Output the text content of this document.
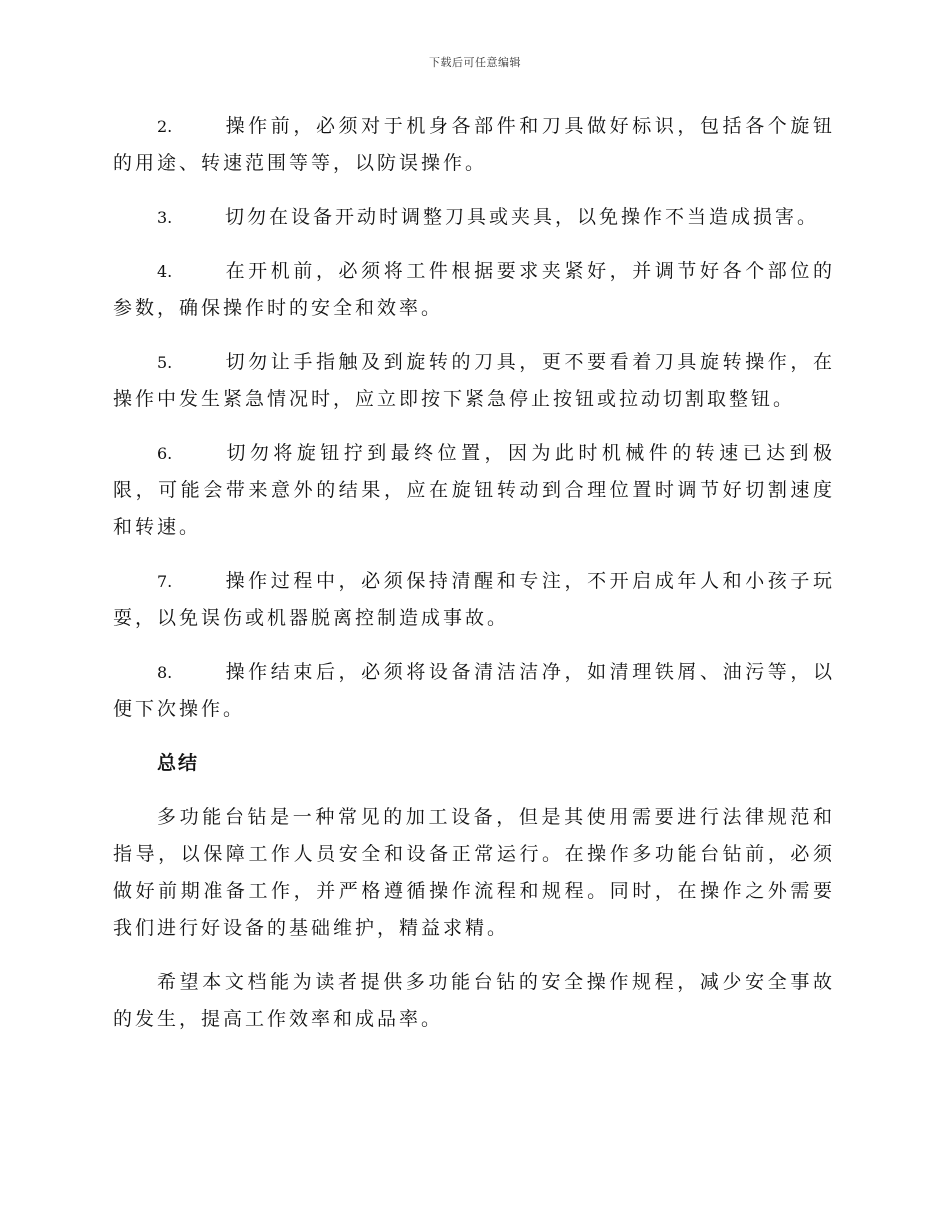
下载后可任意编辑

2.	操作前，必须对于机身各部件和刀具做好标识，包括各个旋钮的用途、转速范围等等，以防误操作。

3.	切勿在设备开动时调整刀具或夹具，以免操作不当造成损害。

4.	在开机前，必须将工件根据要求夹紧好，并调节好各个部位的参数，确保操作时的安全和效率。

5.	切勿让手指触及到旋转的刀具，更不要看着刀具旋转操作，在操作中发生紧急情况时，应立即按下紧急停止按钮或拉动切割取整钮。

6.	切勿将旋钮拧到最终位置，因为此时机械件的转速已达到极限，可能会带来意外的结果，应在旋钮转动到合理位置时调节好切割速度和转速。

7.	操作过程中，必须保持清醒和专注，不开启成年人和小孩子玩耍，以免误伤或机器脱离控制造成事故。

8.	操作结束后，必须将设备清洁洁净，如清理铁屑、油污等，以便下次操作。

总结

多功能台钻是一种常见的加工设备，但是其使用需要进行法律规范和指导，以保障工作人员安全和设备正常运行。在操作多功能台钻前，必须做好前期准备工作，并严格遵循操作流程和规程。同时，在操作之外需要我们进行好设备的基础维护，精益求精。

希望本文档能为读者提供多功能台钻的安全操作规程，减少安全事故的发生，提高工作效率和成品率。
